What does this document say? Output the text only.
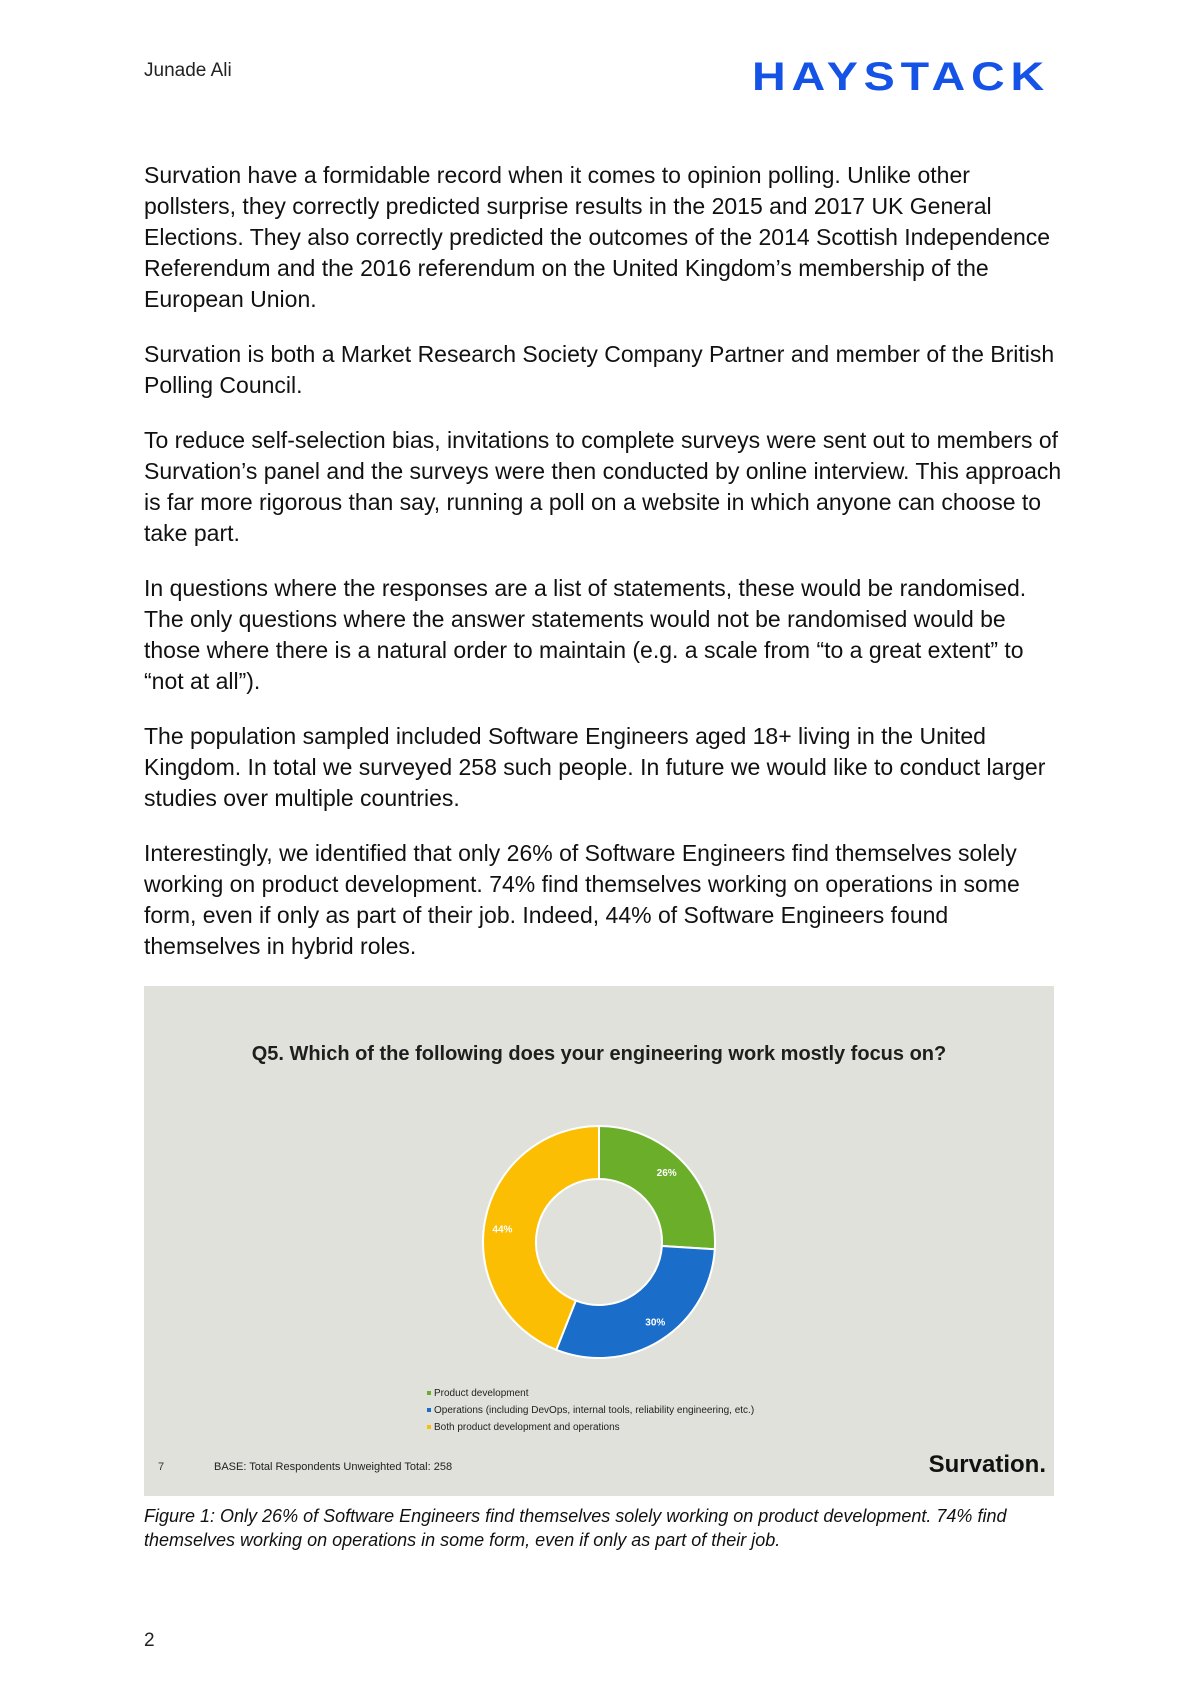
Junade Ali	HAYSTACK

Survation have a formidable record when it comes to opinion polling. Unlike other pollsters, they correctly predicted surprise results in the 2015 and 2017 UK General Elections. They also correctly predicted the outcomes of the 2014 Scottish Independence Referendum and the 2016 referendum on the United Kingdom’s membership of the European Union.

Survation is both a Market Research Society Company Partner and member of the British Polling Council.

To reduce self-selection bias, invitations to complete surveys were sent out to members of Survation’s panel and the surveys were then conducted by online interview. This approach is far more rigorous than say, running a poll on a website in which anyone can choose to take part.

In questions where the responses are a list of statements, these would be randomised. The only questions where the answer statements would not be randomised would be those where there is a natural order to maintain (e.g. a scale from “to a great extent” to “not at all”).

The population sampled included Software Engineers aged 18+ living in the United Kingdom. In total we surveyed 258 such people. In future we would like to conduct larger studies over multiple countries.

Interestingly, we identified that only 26% of Software Engineers find themselves solely working on product development. 74% find themselves working on operations in some form, even if only as part of their job. Indeed, 44% of Software Engineers found themselves in hybrid roles.

Q5. Which of the following does your engineering work mostly focus on?
26%
30%
44%
Product development
Operations (including DevOps, internal tools, reliability engineering, etc.)
Both product development and operations
7	BASE: Total Respondents Unweighted Total: 258	Survation.
Figure 1: Only 26% of Software Engineers find themselves solely working on product development. 74% find themselves working on operations in some form, even if only as part of their job.
2
